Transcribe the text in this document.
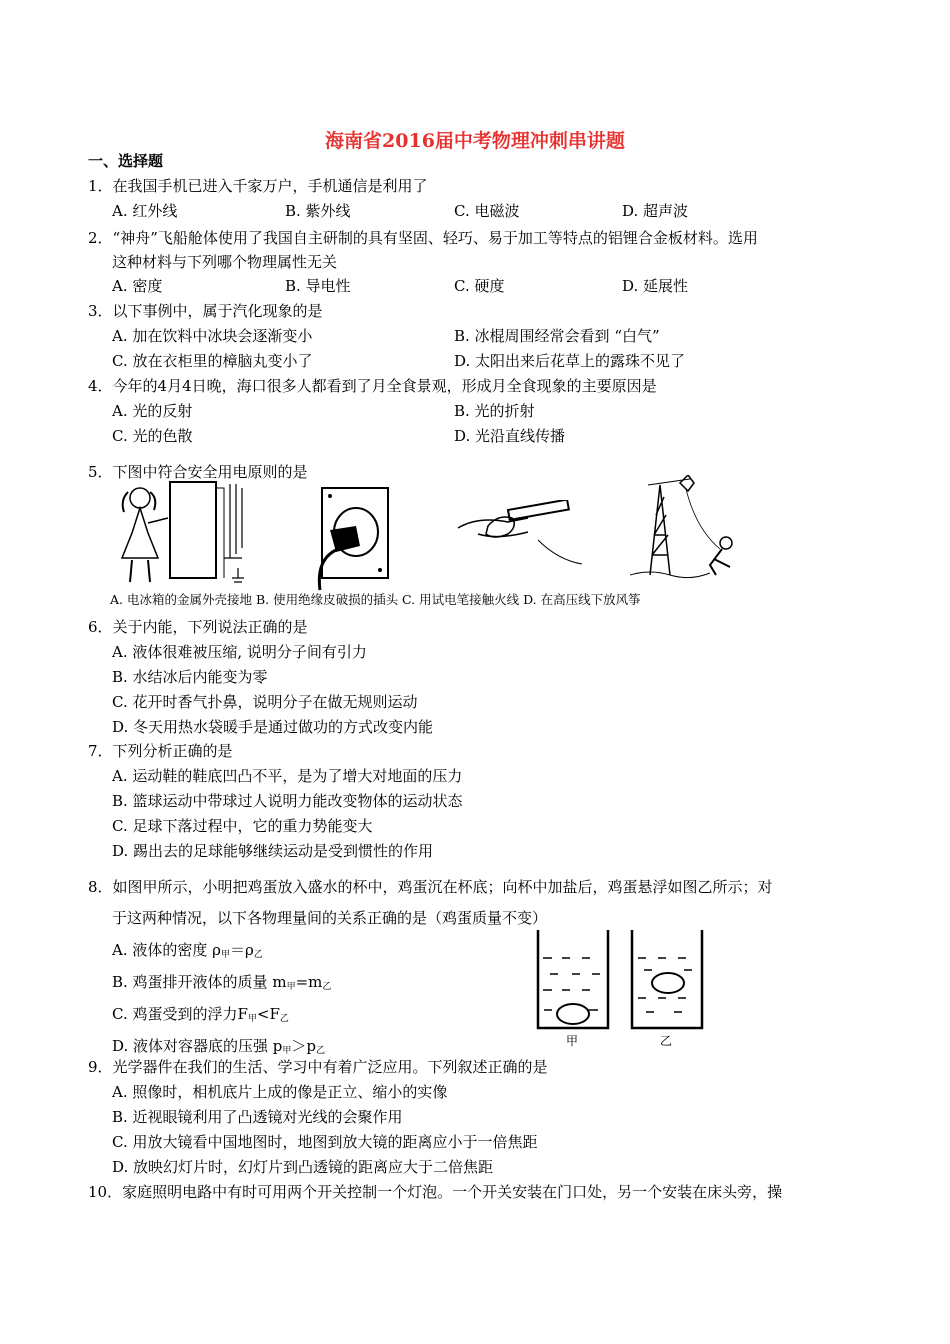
海南省2016届中考物理冲刺串讲题
一、选择题
1．在我国手机已进入千家万户，手机通信是利用了
A. 红外线	B. 紫外线	C. 电磁波	D. 超声波
2．“神舟”飞船舱体使用了我国自主研制的具有坚固、轻巧、易于加工等特点的铝锂合金板材料。选用
这种材料与下列哪个物理属性无关
A. 密度	B. 导电性	C. 硬度	D. 延展性
3．以下事例中，属于汽化现象的是
A. 加在饮料中冰块会逐渐变小	B. 冰棍周围经常会看到 “白气”
C. 放在衣柜里的樟脑丸变小了	D. 太阳出来后花草上的露珠不见了
4．今年的4月4日晚，海口很多人都看到了月全食景观，形成月全食现象的主要原因是
A. 光的反射	B. 光的折射
C. 光的色散	D. 光沿直线传播
5．下图中符合安全用电原则的是
A. 电冰箱的金属外壳接地 B. 使用绝缘皮破损的插头 C. 用试电笔接触火线 D. 在高压线下放风筝
6．关于内能，下列说法正确的是
A. 液体很难被压缩, 说明分子间有引力
B. 水结冰后内能变为零
C. 花开时香气扑鼻，说明分子在做无规则运动
D. 冬天用热水袋暖手是通过做功的方式改变内能
7．下列分析正确的是
A. 运动鞋的鞋底凹凸不平，是为了增大对地面的压力
B. 篮球运动中带球过人说明力能改变物体的运动状态
C. 足球下落过程中，它的重力势能变大
D. 踢出去的足球能够继续运动是受到惯性的作用
8．如图甲所示，小明把鸡蛋放入盛水的杯中，鸡蛋沉在杯底；向杯中加盐后，鸡蛋悬浮如图乙所示；对
于这两种情况，以下各物理量间的关系正确的是（鸡蛋质量不变）
A. 液体的密度 $\rho_甲=\rho_乙$
B. 鸡蛋排开液体的质量 $m_甲=m_乙$
C. 鸡蛋受到的浮力$F_甲<F_乙$
D. 液体对容器底的压强 $p_甲>p_乙$
甲	乙
9．光学器件在我们的生活、学习中有着广泛应用。下列叙述正确的是
A. 照像时，相机底片上成的像是正立、缩小的实像
B. 近视眼镜利用了凸透镜对光线的会聚作用
C. 用放大镜看中国地图时，地图到放大镜的距离应小于一倍焦距
D. 放映幻灯片时，幻灯片到凸透镜的距离应大于二倍焦距
10．家庭照明电路中有时可用两个开关控制一个灯泡。一个开关安装在门口处，另一个安装在床头旁，操
